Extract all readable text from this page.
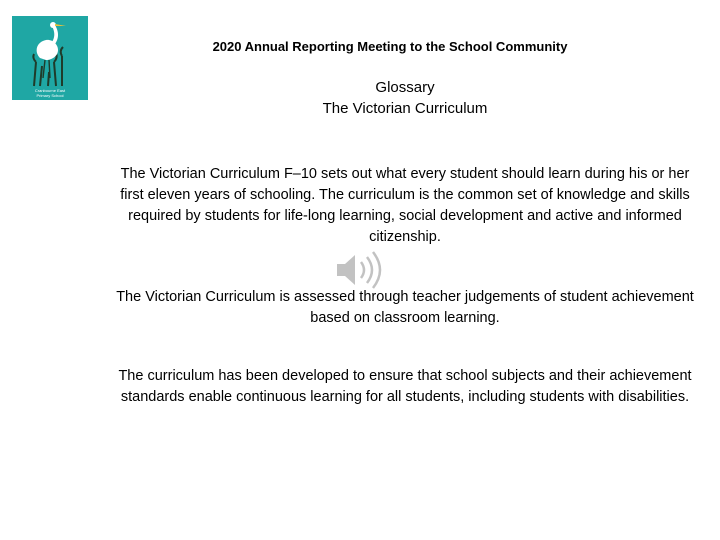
Cranbourne East
Primary School
2020 Annual Reporting Meeting to the School Community
Glossary
The Victorian Curriculum
The Victorian Curriculum F–10 sets out what every student should learn during his or her first eleven years of schooling. The curriculum is the common set of knowledge and skills required by students for life-long learning, social development and active and informed citizenship.
The Victorian Curriculum is assessed through teacher judgements of student achievement based on classroom learning.
The curriculum has been developed to ensure that school subjects and their achievement standards enable continuous learning for all students, including students with disabilities.
